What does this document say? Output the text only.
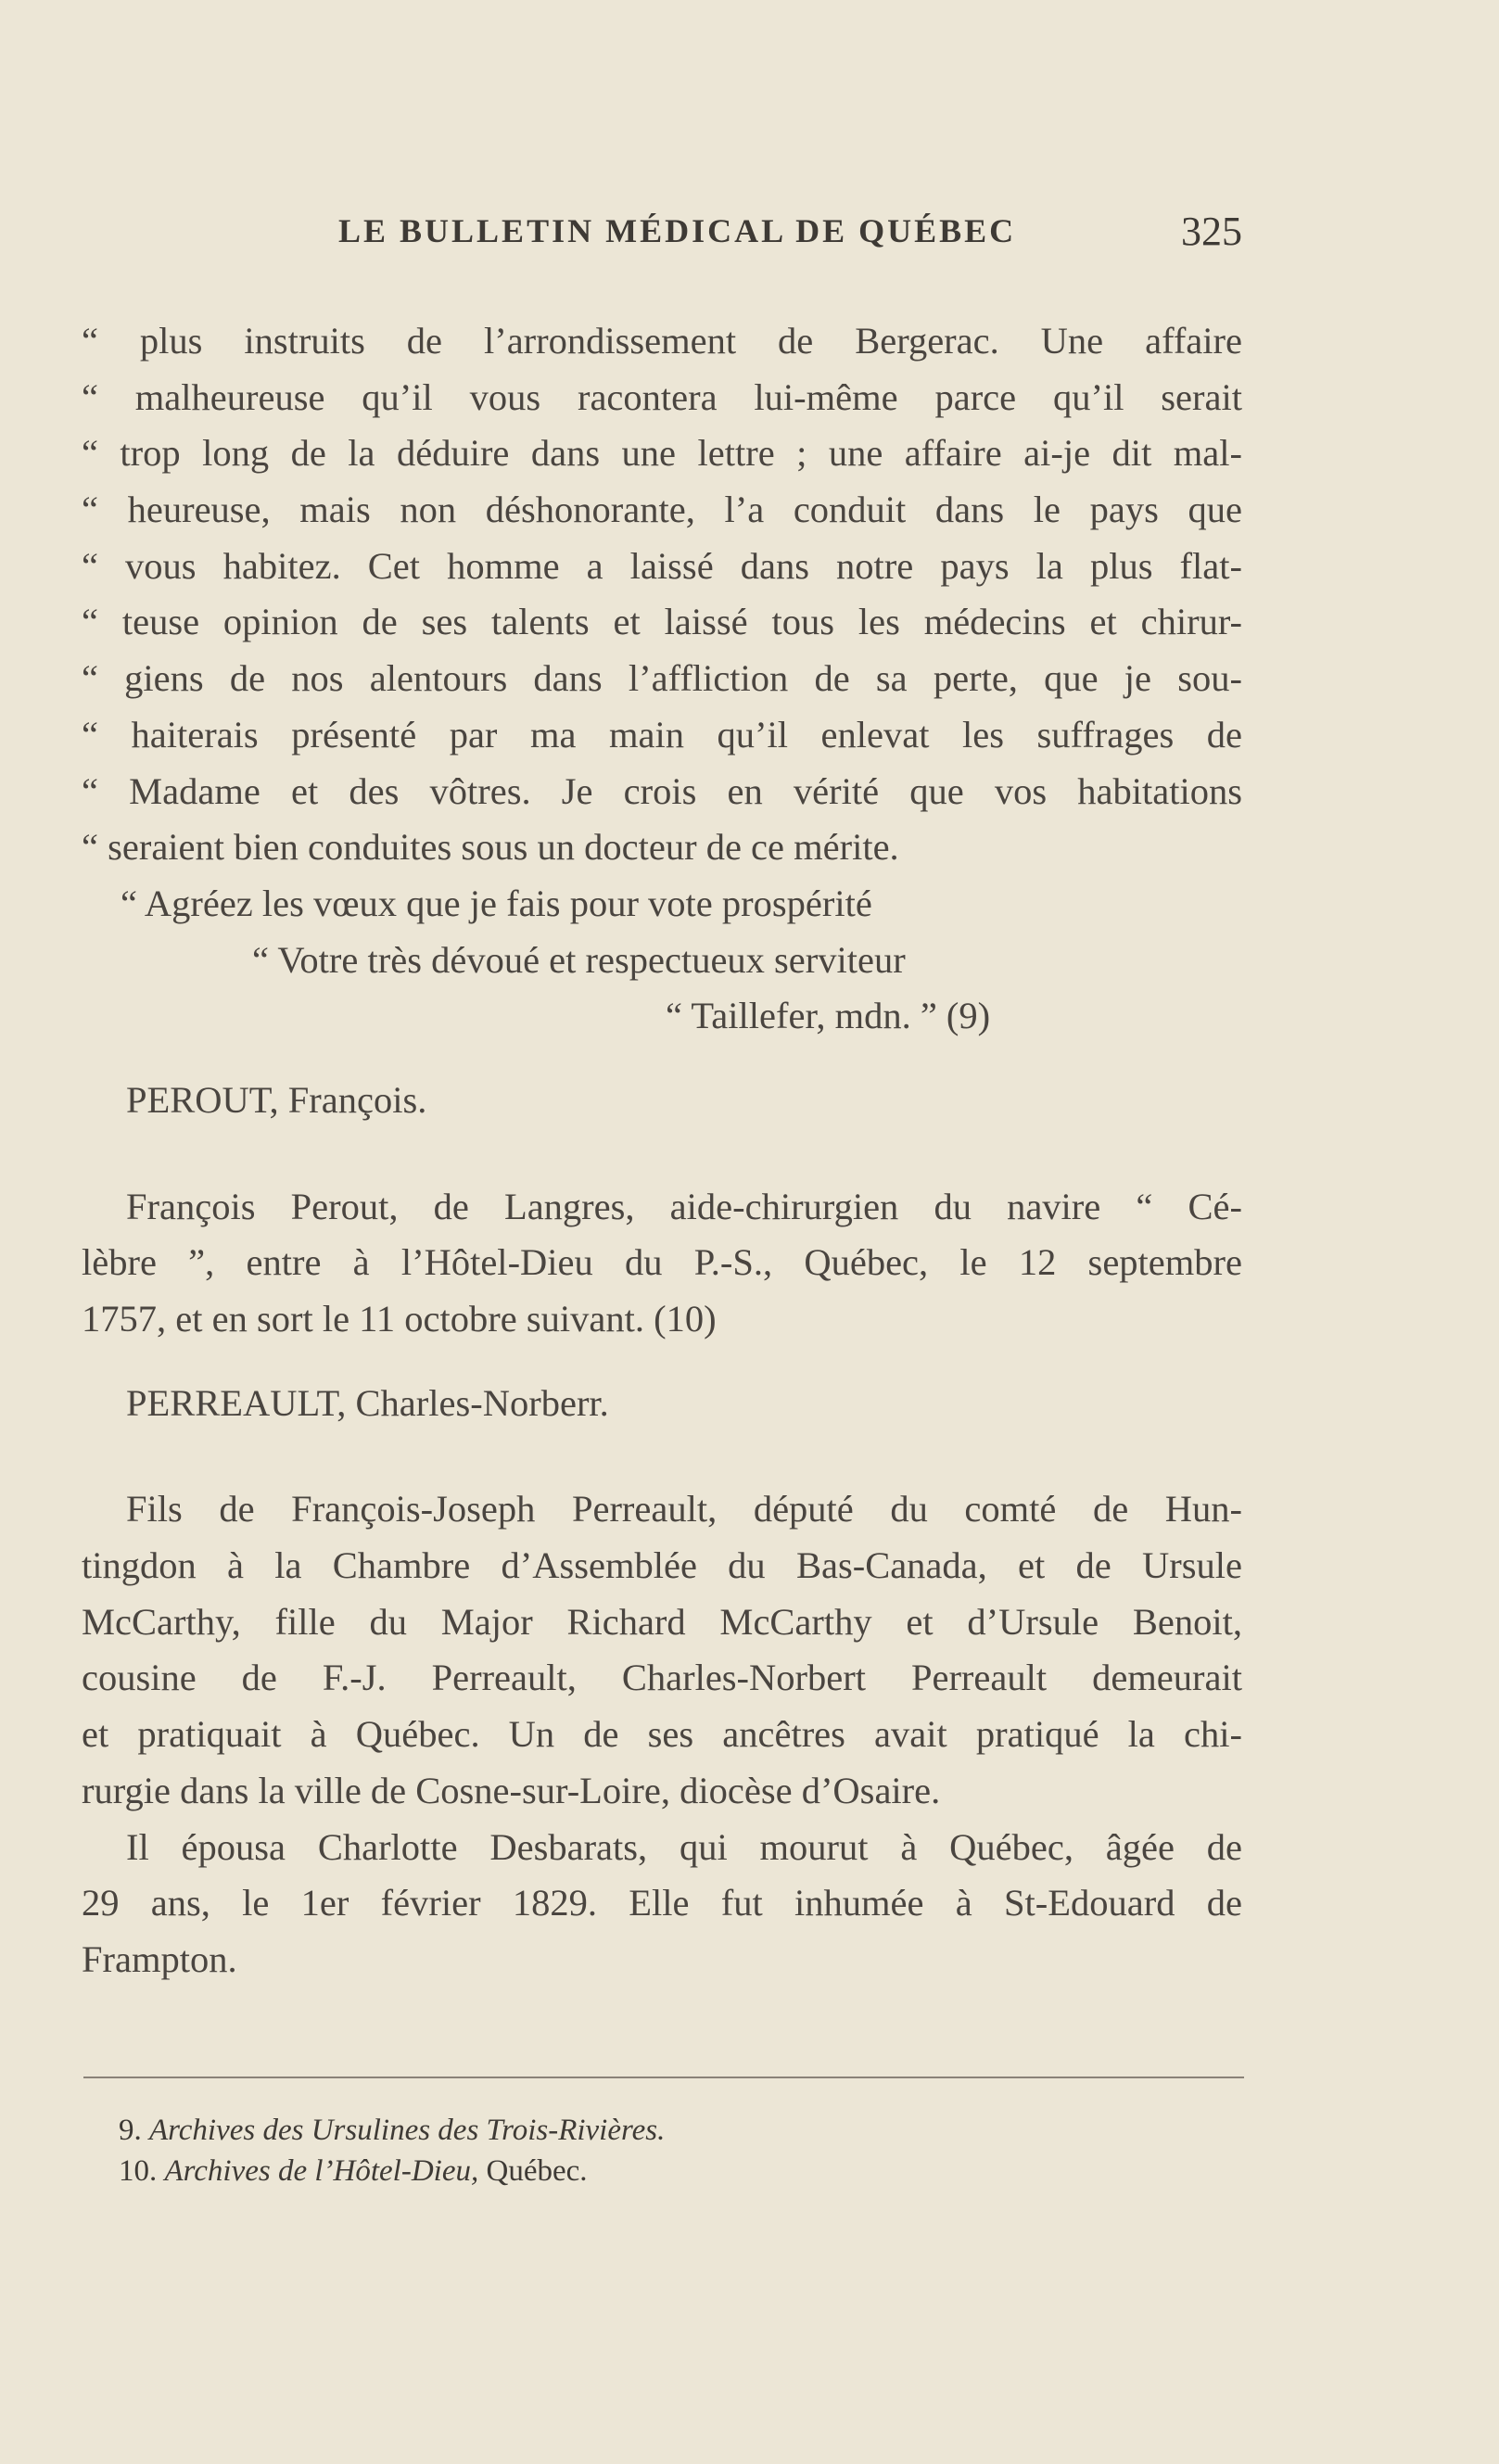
LE BULLETIN MÉDICAL DE QUÉBEC	325
“ plus instruits de l’arrondissement de Bergerac. Une affaire
“ malheureuse qu’il vous racontera lui-même parce qu’il serait
“ trop long de la déduire dans une lettre ; une affaire ai-je dit mal-
“ heureuse, mais non déshonorante, l’a conduit dans le pays que
“ vous habitez. Cet homme a laissé dans notre pays la plus flat-
“ teuse opinion de ses talents et laissé tous les médecins et chirur-
“ giens de nos alentours dans l’affliction de sa perte, que je sou-
“ haiterais présenté par ma main qu’il enlevat les suffrages de
“ Madame et des vôtres. Je crois en vérité que vos habitations
“ seraient bien conduites sous un docteur de ce mérite.
“ Agréez les vœux que je fais pour vote prospérité
“ Votre très dévoué et respectueux serviteur
“ Taillefer, mdn. ” (9)
PEROUT, François.
François Perout, de Langres, aide-chirurgien du navire “ Cé-
lèbre ”, entre à l’Hôtel-Dieu du P.-S., Québec, le 12 septembre
1757, et en sort le 11 octobre suivant. (10)
PERREAULT, Charles-Norberr.
Fils de François-Joseph Perreault, député du comté de Hun-
tingdon à la Chambre d’Assemblée du Bas-Canada, et de Ursule
McCarthy, fille du Major Richard McCarthy et d’Ursule Benoit,
cousine de F.-J. Perreault, Charles-Norbert Perreault demeurait
et pratiquait à Québec. Un de ses ancêtres avait pratiqué la chi-
rurgie dans la ville de Cosne-sur-Loire, diocèse d’Osaire.
Il épousa Charlotte Desbarats, qui mourut à Québec, âgée de
29 ans, le 1er février 1829. Elle fut inhumée à St-Edouard de
Frampton.
9. Archives des Ursulines des Trois-Rivières.
10. Archives de l’Hôtel-Dieu, Québec.
